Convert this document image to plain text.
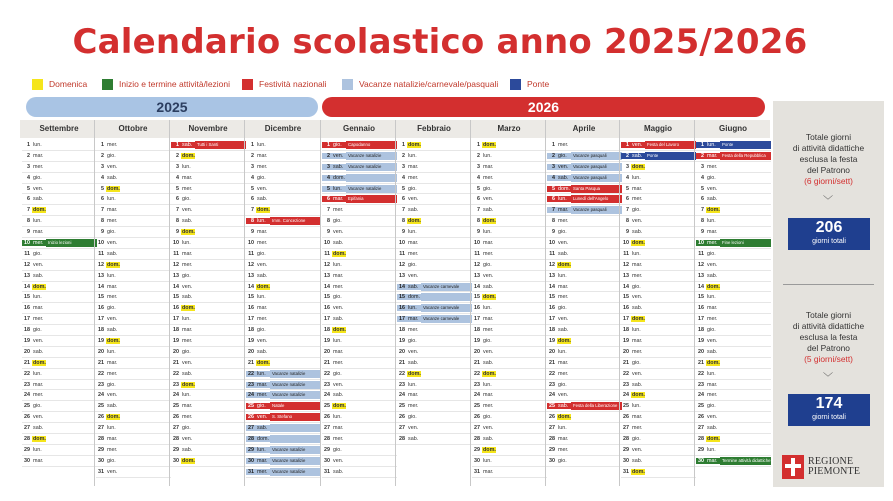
Calendario scolastico anno 2025/2026
Domenica	Inizio e termine attività/lezioni	Festività nazionali	Vacanze natalizie/carnevale/pasquali	Ponte
2025	2026
Settembre	Ottobre	Novembre	Dicembre	Gennaio	Febbraio	Marzo	Aprile	Maggio	Giugno
1 lun.
2 mar.
3 mer.
4 gio.
5 ven.
6 sab.
7 dom.
8 lun.
9 mar.
10 mer.	Inizio lezioni
11 gio.
12 ven.
13 sab.
14 dom.
15 lun.
16 mar.
17 mer.
18 gio.
19 ven.
20 sab.
21 dom.
22 lun.
23 mar.
24 mer.
25 gio.
26 ven.
27 sab.
28 dom.
29 lun.
30 mar.
1 mer.
2 gio.
3 ven.
4 sab.
5 dom.
6 lun.
7 mar.
8 mer.
9 gio.
10 ven.
11 sab.
12 dom.
13 lun.
14 mar.
15 mer.
16 gio.
17 ven.
18 sab.
19 dom.
20 lun.
21 mar.
22 mer.
23 gio.
24 ven.
25 sab.
26 dom.
27 lun.
28 mar.
29 mer.
30 gio.
31 ven.
1 sab.	Tutti i Santi
2 dom.
3 lun.
4 mar.
5 mer.
6 gio.
7 ven.
8 sab.
9 dom.
10 lun.
11 mar.
12 mer.
13 gio.
14 ven.
15 sab.
16 dom.
17 lun.
18 mar.
19 mer.
20 gio.
21 ven.
22 sab.
23 dom.
24 lun.
25 mar.
26 mer.
27 gio.
28 ven.
29 sab.
30 dom.
1 lun.
2 mar.
3 mer.
4 gio.
5 ven.
6 sab.
7 dom.
8 lun.	Imm. Concezione
9 mar.
10 mer.
11 gio.
12 ven.
13 sab.
14 dom.
15 lun.
16 mar.
17 mer.
18 gio.
19 ven.
20 sab.
21 dom.
22 lun.	Vacanze natalizie
23 mar.	Vacanze natalizie
24 mer.	Vacanze natalizie
25 gio.	Natale
26 ven.	S. Stefano
27 sab.
28 dom.
29 lun.	Vacanze natalizie
30 mar.	Vacanze natalizie
31 mer.	Vacanze natalizie
1 gio.	Capodanno
2 ven.	Vacanze natalizie
3 sab.	Vacanze natalizie
4 dom.
5 lun.	Vacanze natalizie
6 mar.	Epifania
7 mer.
8 gio.
9 ven.
10 sab.
11 dom.
12 lun.
13 mar.
14 mer.
15 gio.
16 ven.
17 sab.
18 dom.
19 lun.
20 mar.
21 mer.
22 gio.
23 ven.
24 sab.
25 dom.
26 lun.
27 mar.
28 mer.
29 gio.
30 ven.
31 sab.
1 dom.
2 lun.
3 mar.
4 mer.
5 gio.
6 ven.
7 sab.
8 dom.
9 lun.
10 mar.
11 mer.
12 gio.
13 ven.
14 sab.	Vacanze carnevale
15 dom.
16 lun.	Vacanze carnevale
17 mar.	Vacanze carnevale
18 mer.
19 gio.
20 ven.
21 sab.
22 dom.
23 lun.
24 mar.
25 mer.
26 gio.
27 ven.
28 sab.
1 dom.
2 lun.
3 mar.
4 mer.
5 gio.
6 ven.
7 sab.
8 dom.
9 lun.
10 mar.
11 mer.
12 gio.
13 ven.
14 sab.
15 dom.
16 lun.
17 mar.
18 mer.
19 gio.
20 ven.
21 sab.
22 dom.
23 lun.
24 mar.
25 mer.
26 gio.
27 ven.
28 sab.
29 dom.
30 lun.
31 mar.
1 mer.
2 gio.	Vacanze pasquali
3 ven.	Vacanze pasquali
4 sab.	Vacanze pasquali
5 dom. Santa Pasqua
6 lun.	Lunedì dell'Angelo
7 mar.	Vacanze pasquali
8 mer.
9 gio.
10 ven.
11 sab.
12 dom.
13 lun.
14 mar.
15 mer.
16 gio.
17 ven.
18 sab.
19 dom.
20 lun.
21 mar.
22 mer.
23 gio.
24 ven.
25 sab.	Festa della Liberazione
26 dom.
27 lun.
28 mar.
29 mer.
30 gio.
1 ven.	Festa del Lavoro
2 sab.	Ponte
3 dom.
4 lun.
5 mar.
6 mer.
7 gio.
8 ven.
9 sab.
10 dom.
11 lun.
12 mar.
13 mer.
14 gio.
15 ven.
16 sab.
17 dom.
18 lun.
19 mar.
20 mer.
21 gio.
22 ven.
23 sab.
24 dom.
25 lun.
26 mar.
27 mer.
28 gio.
29 ven.
30 sab.
31 dom.
1 lun.	Ponte
2 mar.	Festa della Repubblica
3 mer.
4 gio.
5 ven.
6 sab.
7 dom.
8 lun.
9 mar.
10 mer.	Fine lezioni
11 gio.
12 ven.
13 sab.
14 dom.
15 lun.
16 mar.
17 mer.
18 gio.
19 ven.
20 sab.
21 dom.
22 lun.
23 mar.
24 mer.
25 gio.
26 ven.
27 sab.
28 dom.
29 lun.
30 mar.	Termine attività didattiche
Totale giorni
di attività didattiche
esclusa la festa
del Patrono
(6 giorni/sett)
﹀
206
giorni totali
Totale giorni
di attività didattiche
esclusa la festa
del Patrono
(5 giorni/sett)
﹀
174
giorni totali
REGIONE
PIEMONTE
